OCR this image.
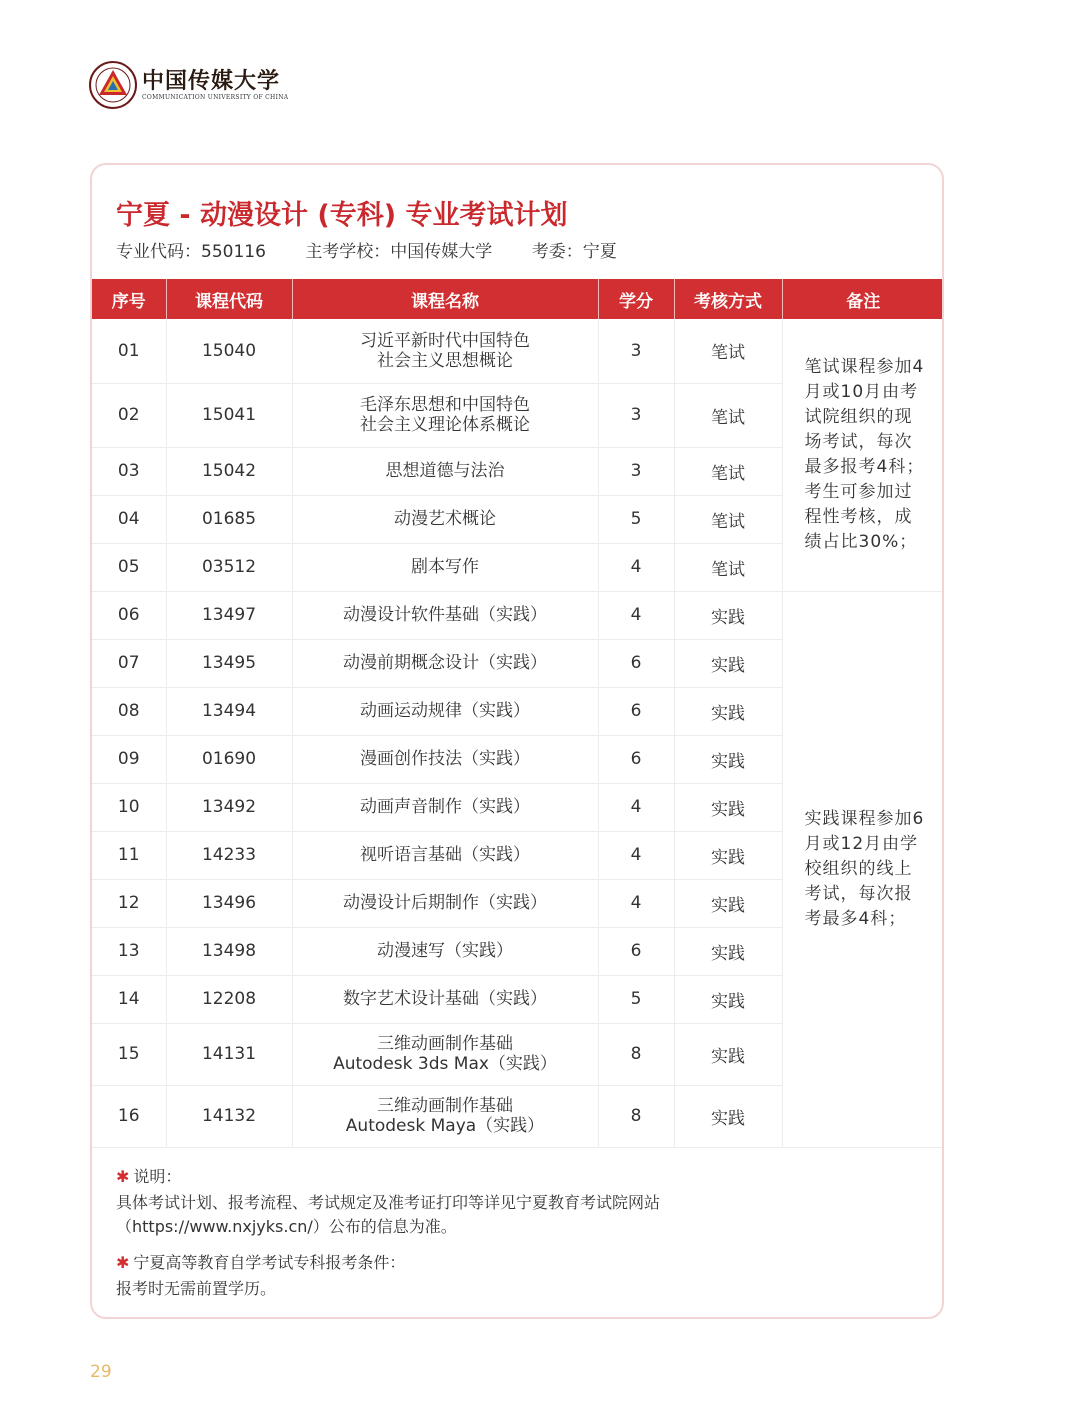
中国传媒大学
COMMUNICATION UNIVERSITY OF CHINA
宁夏 - 动漫设计 (专科) 专业考试计划
专业代码：550116 主考学校：中国传媒大学 考委：宁夏
序号	课程代码	课程名称	学分	考核方式	备注
01	15040	习近平新时代中国特色
社会主义思想概论	3	笔试	笔试课程参加4月或10月由考试院组织的现场考试，每次最多报考4科；考生可参加过程性考核，成绩占比30%；
02	15041	毛泽东思想和中国特色
社会主义理论体系概论	3	笔试	
03	15042	思想道德与法治	3	笔试	
04	01685	动漫艺术概论	5	笔试	
05	03512	剧本写作	4	笔试	
06	13497	动漫设计软件基础（实践）	4	实践	实践课程参加6月或12月由学校组织的线上考试，每次报考最多4科；
07	13495	动漫前期概念设计（实践）	6	实践	
08	13494	动画运动规律（实践）	6	实践	
09	01690	漫画创作技法（实践）	6	实践	
10	13492	动画声音制作（实践）	4	实践	
11	14233	视听语言基础（实践）	4	实践	
12	13496	动漫设计后期制作（实践）	4	实践	
13	13498	动漫速写（实践）	6	实践	
14	12208	数字艺术设计基础（实践）	5	实践	
15	14131	三维动画制作基础
Autodesk 3ds Max（实践）	8	实践	
16	14132	三维动画制作基础
Autodesk Maya（实践）	8	实践	

✱ 说明：

具体考试计划、报考流程、考试规定及准考证打印等详见宁夏教育考试院网站
（https://www.nxjyks.cn/）公布的信息为准。

✱ 宁夏高等教育自学考试专科报考条件：

报考时无需前置学历。

29
